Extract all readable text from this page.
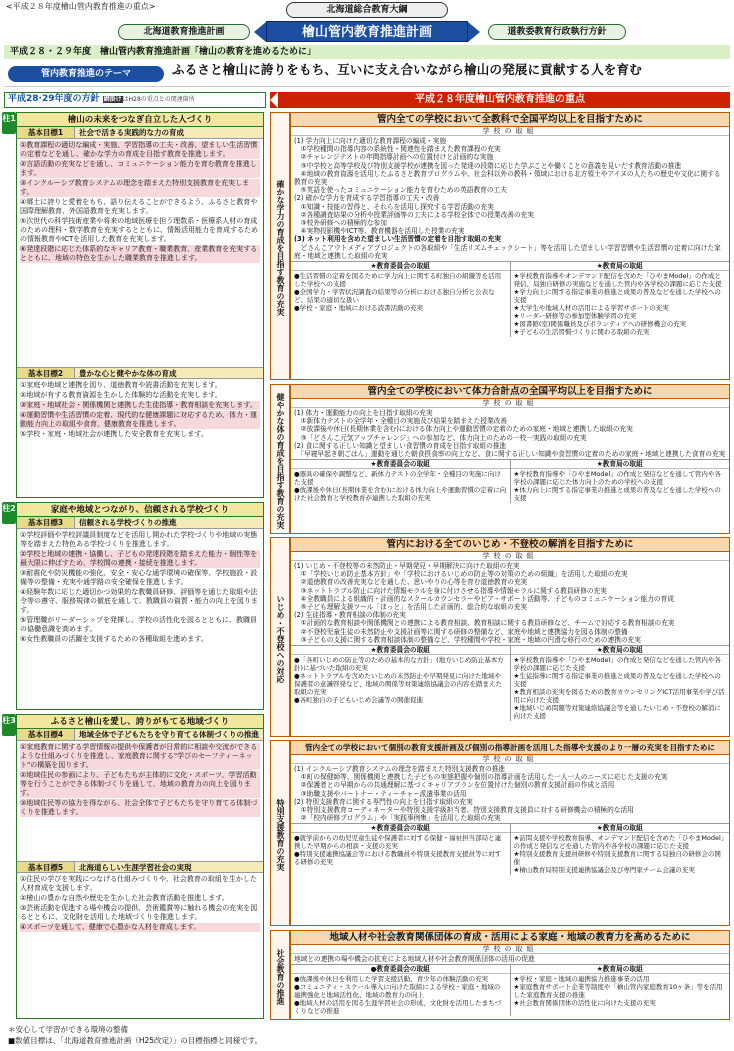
<平成２８年度檜山管内教育推進の重点>	北海道総合教育大綱
北海道教育推進計画	檜山管内教育推進計画	道教委教育行政執行方針
平成２８・２９年度　檜山管内教育推進計画「檜山の教育を進めるために」
管内教育推進のテーマ	ふるさと檜山に誇りをもち、互いに支え合いながら檜山の発展に貢献する人を育む
平成28·29年度の方針 網掛けはH28の重点との関連箇所	平成２８年度檜山管内教育推進の重点
柱1	檜山の未来をつなぎ自立した人づくり
基本目標1	社会で活きる実践的な力の育成
①教育課程の適切な編成・実施、学習指導の工夫・改善、望ましい生活習慣の定着などを通し、確かな学力の育成を目指す教育を推進します。
②言語活動の充実などを通し、コミュニケーション能力を育む教育を推進します。
③インクルーシブ教育システムの理念を踏まえた特別支援教育を充実します。
④郷土に誇りと愛着をもち、語り伝えることができるよう、ふるさと教育や国際理解教育、外国語教育を充実します。
⑤次世代の科学技術産業や将来の地域医療を担う理数系・医療系人材の育成のための理科・数学教育を充実するとともに、情報活用能力を育成するための情報教育やICTを活用した教育を充実します。
⑥発達段階に応じた体系的なキャリア教育・職業教育、産業教育を充実するとともに、地域の特色を生かした職業教育を推進します。
基本目標2	豊かな心と健やかな体の育成
①家庭や地域と連携を図り、道徳教育や読書活動を充実します。
②地域が有する教育資源を生かした体験的な活動を充実します。
③家庭・地域社会・関係機関と連携した生徒指導・教育相談を充実します。
④運動習慣や生活習慣の定着、現代的な健康課題に対応するため、体力・運動能力向上の取組や食育、健康教育を推進します。
⑤学校・家庭・地域社会が連携した安全教育を充実します。
柱2	家庭や地域とつながり、信頼される学校づくり
基本目標3	信頼される学校づくりの推進
①学校評価や学校評議員制度などを活用し開かれた学校づくりや地域の実態等を踏まえた特色ある学校づくりを推進します。
②学校と地域の連携・協働し、子どもの発達段階を踏まえた能力・個性等を最大限に伸ばすため、学校間の連携・接続を推進します。
③耐震化や防災機能の強化、安全・安心な通学環境の確保等、学校施設・設備等の整備・充実や通学路の安全確保を推進します。
④経験年数に応じた適切かつ効果的な教職員研修、評価等を通じた取組や法令等の遵守、服務規律の徹底を通して、教職員の資質・能力の向上を図ります。
⑤管理職がリーダーシップを発揮し、学校の活性化を図るとともに、教職員の協働意識を高めます。
⑥女性教職員の活躍を支援するための各種取組を進めます。
柱3	ふるさと檜山を愛し、誇りがもてる地域づくり
基本目標4	地域全体で子どもたちを守り育てる体制づくりの推進
①家庭教育に関する学習情報の提供や保護者が日常的に相談や交流ができるような仕組みづくりを推進し、家庭教育に関する"学びのセーフティーネット"の構築を図ります。
②地域住民の参画により、子どもたちが主体的に文化・スポーツ、学習活動等を行うことができる体制づくりを通して、地域の教育力の向上を図ります。
③地域住民等の協力を得ながら、社会全体で子どもたちを守り育てる体制づくりを推進します。
基本目標5	北海道らしい生涯学習社会の実現
①住民の学びを実践につなげる仕組みづくりや、社会教育の取組を生かした人材育成を支援します。
②檜山の豊かな自然や歴史を生かした社会教育活動を推進します。
③芸術活動を促進する場や機会の提供、芸術鑑賞等に触れる機会の充実を図るとともに、文化財を活用した地域づくりを推進します。
④スポーツを通して、健康で心豊かな人材を育成します。
確かな学力の育成を目指す教育の充実
管内全ての学校において全教科で全国平均以上を目指すために
学校の取組
(1) 学力向上に向けた適切な教育課程の編成・実施
　①学校種間の指導内容の系統性・関連性を踏まえた教育課程の充実
　②チャレンジテストの年間指導計画への位置付けと計画的な実施
　③中学校と高等学校及び特別支援学校が連携を図った発達の段階に応じた学ぶことや働くことの意義を見いだす教育活動の推進
　④地域の教育資源を活用したふるさと教育プログラムや、社会科以外の教科・領域における北方領土やアイヌの人たちの歴史や文化に関する教育の充実
　⑤英語を使ったコミュニケーション能力を育むための英語教育の工夫
(2) 確かな学力を育成する学習指導の工夫・改善
　①知識・技能の習得と、それらを活用し探究する学習活動の充実
　②各種調査結果の分析や授業評価等の工夫による学校全体での授業改善の充実
　③校外研修への積極的な参加
　④実物投影機やICT等、教育機器を活用した授業の充実
(3) ネット利用を含めた望ましい生活習慣の定着を目指す取組の充実
　どさんこアウトメディアプロジェクトの各取組や「生活リズムチェックシート」等を活用した望ましい学習習慣や生活習慣の定着に向けた家庭・地域と連携した取組の充実
★教育委員会の取組
●生活習慣の定着を図るために学力向上に関する町独自の組織等を活用した学校への支援
●全国学力・学習状況調査の結果等の分析における独自分析と公表など、結果の適切な扱い
●学校・家庭・地域における読書活動の充実
★教育局の取組
★学校教育指導やオンデマンド配信を含めた「ひやまModel」の作成と発信、局独自研修の実施などを通した管内や各学校の課題に応じた支援
★学力向上に関する指定事業の推進と成果の普及などを通した学校への支援
★大学生や地域人材の活用による学習サポートの充実
★リーダー研修等の参加型体験学習の充実
★図書館(室)関係職員及びボランティアへの研修機会の充実
★子どもの生活習慣づくりに関わる取組の充実
健やかな体の育成を目指す教育の充実
管内全ての学校において体力合計点の全国平均以上を目指すために
学校の取組
(1) 体力・運動能力の向上を目指す取組の充実
　①新体力テストの全学年・全種目の実施及び結果を踏まえた授業改善
　②放課後や休日(長期休業を含む)における体力向上や運動習慣の定着のための家庭・地域と連携した取組の充実
　③「どさんこ元気アップチャレンジ」への参加など、体力向上のための一校一実践の取組の充実
(2) 食に関する正しい知識と望ましい食習慣の育成を目指す取組の推進
　「早寝早起き朝ごはん」運動を通じた朝食摂食率の向上など、食に関する正しい知識や食習慣の定着のための家庭・地域と連携した食育の充実
★教育委員会の取組
●器具の確保や調整など、新体力テストの全学年・全種目の実施に向けた支援
●放課後や休日(長期休業を含む)における体力向上や運動習慣の定着に向けた社会教育と学校教育が連携した取組の充実
★教育局の取組
★学校教育指導や「ひやまModel」の作成と発信などを通して管内や各学校の課題に応じた体力向上のための学校への支援
★体力向上に関する指定事業の推進と成果の普及などを通した学校への支援
いじめ・不登校への対応
管内における全てのいじめ・不登校の解消を目指すために
学校の取組
(1) いじめ・不登校等の未然防止・早期発見・早期解決に向けた取組の充実
　①「学校いじめ防止基本方針」や「学校におけるいじめの防止等の対策のための組織」を活用した取組の充実
　②道徳教育の改善充実などを通した、思いやりの心等を育む道徳教育の充実
　③ネットトラブル防止に向けた情報モラルを身に付けさせる指導や情報モラルに関する教員研修の充実
　④全教職員による組織的・計画的なスクールカウンセラーやピア・サポート活動等、子どものコミュニケーション能力の育成
　⑤子ども理解支援ツール「ほっと」を活用した計画的、総合的な取組の充実
(2) 生徒指導・教育相談の体制の充実
　①計画的な教育相談や関係機関との連携による教育相談、教育相談に関する教員研修など、チームで対応する教育相談の充実
　②不登校児童生徒の未然防止や支援計画等に関する研修の整備など、家庭や地域と連携協力を図る体制の整備
　③子どもの支援に関する教育相談体制の整備など、学校種間や学校・家庭・地域の円滑な移行のための連携の充実
★教育委員会の取組
●「各町いじめの防止等のための基本的な方針」(地方いじめ防止基本方針)に基づいた取組の充実
●ネットトラブルを含めたいじめの未然防止や早期発見に向けた地域や保護者の意識啓発など、地域の関係等対策連絡協議会の内容を踏まえた取組の充実
●各町独自の子どもいじめ会議等の開催促進
★教育局の取組
★学校教育指導や「ひやまModel」の作成と発信などを通した管内や各学校の課題に応じた支援
★生徒指導に関する指定事業の推進と成果の普及などを通した学校への支援
★教育相談の充実を図るための教育カウンセリングICT活用事業や学び活用に向けた支援
★地域いじめ問題等対策連絡協議会等を通したいじめ・不登校の解消に向けた支援
特別支援教育の充実
管内全ての学校において個別の教育支援計画及び個別の指導計画を活用した指導や支援のより一層の充実を目指すために
学校の取組
(1) インクルーシブ教育システムの理念を踏まえた特別支援教育の推進
　①町の保健師等、関係機関と連携した子どもの実態把握や個別の指導計画を活用した一人一人のニーズに応じた支援の充実
　②保護者との早期からの共通理解に基づくキャリアプランを位置付けた個別の教育支援計画の作成と活用
　③助職支援やパートナー・ティーチャー派遣事業の活用
(2) 特別支援教育に関する専門性の向上を目指す取組の充実
　①特別支援教育コーディネーターや特別支援学級担当者、特別支援教育支援員に対する研修機会の積極的な活用
　②「校内研修プログラム」や「実践事例集」を活用した取組の充実
★教育委員会の取組
●就学前からの幼児児童生徒や保護者に対する保健・福祉担当部局と連携した早期からの相談・支援の充実
●特別支援連携協議会等における教職員や特別支援教育支援員等に対する研修の充実
★教育局の取組
★訪問支援や学校教育指導、オンデマンド配信を含めた「ひやまModel」の作成と発信などを通した管内や各学校の課題に応じた支援
★特別支援教育支援員研修や特別支援教育に関する局独自の研修会の開催
★檜山教育局特別支援連携協議会及び専門家チーム会議の充実
社会教育の推進
地域人材や社会教育関係団体の育成・活用による家庭・地域の教育力を高めるために
学校の取組
地域との連携の場や機会の拡充による地域人材や社会教育関係団体の活用の促進
●教育委員会の取組
●放課後や休日を利用した学習支援活動、青少年の体験活動の充実
●コミュニティ・スクール導入に向けた取組による学校・家庭・地域の連携強化と地域活性化、地域の教育力の向上
●地域人材の活用を図る生涯学習社会の形成、文化財を活用したまちづくりなどの推進
★教育局の取組
★学校・家庭・地域の連携協力推進事業の活用
★家庭教育サポート企業等制度や「檜山管内家庭教育10ヶ条」等を活用した家庭教育支援の推進
★社会教育関係団体の活性化に向けた支援の充実
＊安心して学習ができる環境の整備
■数値目標は、「北海道教育推進計画（H25改定）」の目標指標と同様です。
